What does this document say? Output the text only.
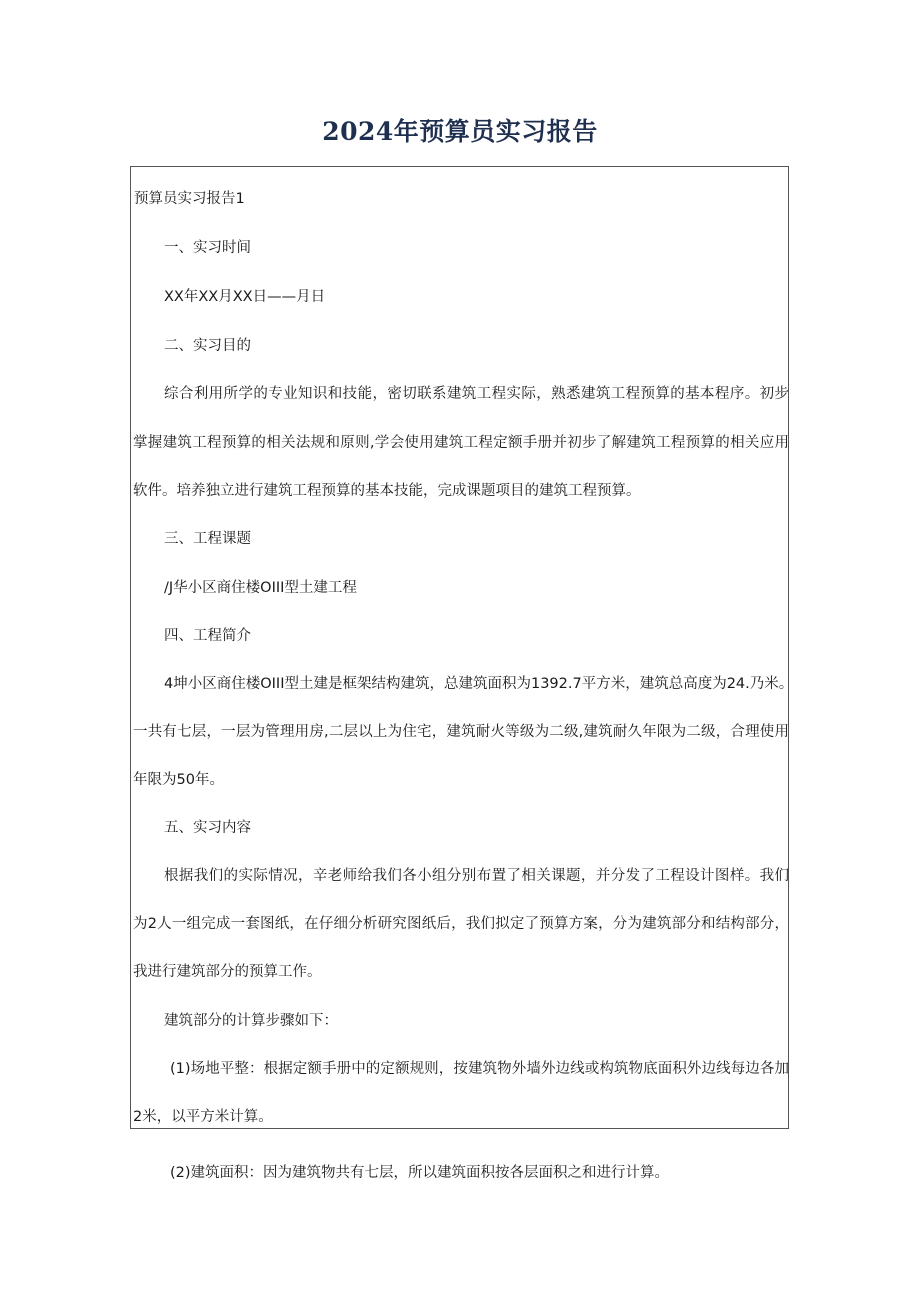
2024年预算员实习报告
预算员实习报告1
一、实习时间
XX年XX月XX日——月日
二、实习目的
综合利用所学的专业知识和技能，密切联系建筑工程实际，熟悉建筑工程预算的基本程序。初步
掌握建筑工程预算的相关法规和原则,学会使用建筑工程定额手册并初步了解建筑工程预算的相关应用
软件。培养独立进行建筑工程预算的基本技能，完成课题项目的建筑工程预算。
三、工程课题
/J华小区商住楼OIII型土建工程
四、工程简介
4坤小区商住楼OIII型土建是框架结构建筑，总建筑面积为1392.7平方米，建筑总高度为24.乃米。
一共有七层，一层为管理用房,二层以上为住宅，建筑耐火等级为二级,建筑耐久年限为二级，合理使用
年限为50年。
五、实习内容
根据我们的实际情况，辛老师给我们各小组分别布置了相关课题，并分发了工程设计图样。我们
为2人一组完成一套图纸，在仔细分析研究图纸后，我们拟定了预算方案，分为建筑部分和结构部分，
我进行建筑部分的预算工作。
建筑部分的计算步骤如下：
(1)场地平整：根据定额手册中的定额规则，按建筑物外墙外边线或构筑物底面积外边线每边各加
2米，以平方米计算。
(2)建筑面积：因为建筑物共有七层，所以建筑面积按各层面积之和进行计算。
